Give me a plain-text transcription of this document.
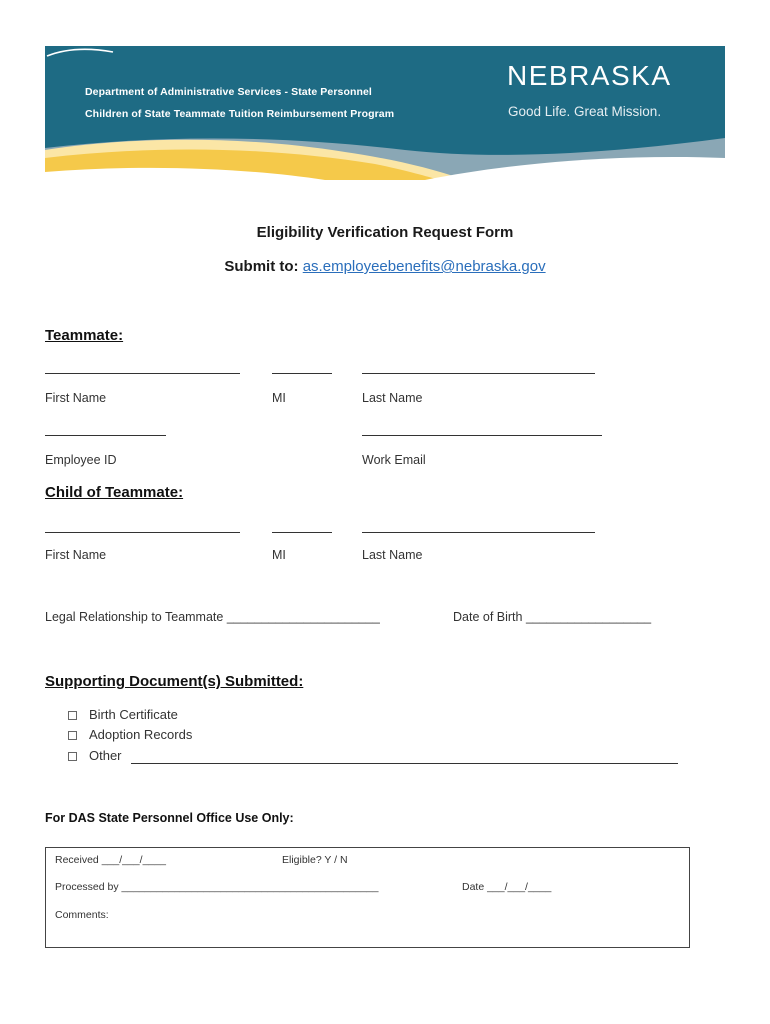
Department of Administrative Services - State Personnel
Children of State Teammate Tuition Reimbursement Program
NEBRASKA
Good Life. Great Mission.
Eligibility Verification Request Form
Submit to: as.employeebenefits@nebraska.gov
Teammate:
First Name	MI	Last Name
Employee ID	Work Email
Child of Teammate:
First Name	MI	Last Name
Legal Relationship to Teammate ______________________	Date of Birth __________________
Supporting Document(s) Submitted:
Birth Certificate
Adoption Records
Other
For DAS State Personnel Office Use Only:
Received ___/___/____	Eligible? Y / N
Processed by ____________________________________________	Date ___/___/____
Comments:
